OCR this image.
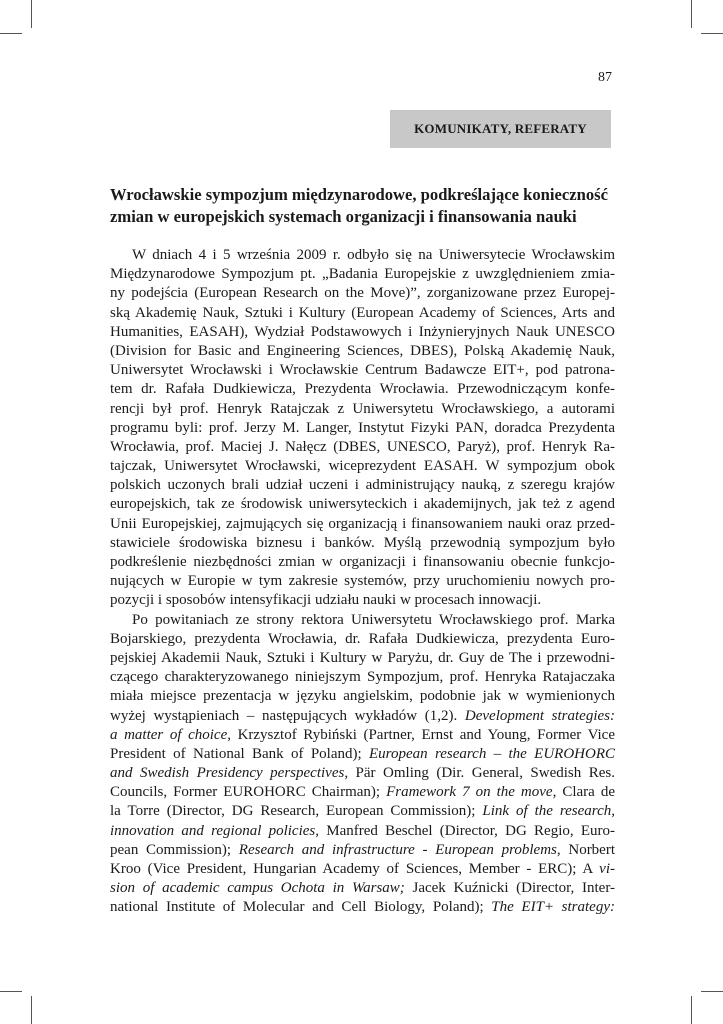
87
KOMUNIKATY, REFERATY
Wrocławskie sympozjum międzynarodowe, podkreślające konieczność
zmian w europejskich systemach organizacji i finansowania nauki
W dniach 4 i 5 września 2009 r. odbyło się na Uniwersytecie Wrocławskim
Międzynarodowe Sympozjum pt. „Badania Europejskie z uwzględnieniem zmia-
ny podejścia (European Research on the Move)”, zorganizowane przez Europej-
ską Akademię Nauk, Sztuki i Kultury (European Academy of Sciences, Arts and
Humanities, EASAH), Wydział Podstawowych i Inżynieryjnych Nauk UNESCO
(Division for Basic and Engineering Sciences, DBES), Polską Akademię Nauk,
Uniwersytet Wrocławski i Wrocławskie Centrum Badawcze EIT+, pod patrona-
tem dr. Rafała Dudkiewicza, Prezydenta Wrocławia. Przewodniczącym konfe-
rencji był prof. Henryk Ratajczak z Uniwersytetu Wrocławskiego, a autorami
programu byli: prof. Jerzy M. Langer, Instytut Fizyki PAN, doradca Prezydenta
Wrocławia, prof. Maciej J. Nałęcz (DBES, UNESCO, Paryż), prof. Henryk Ra-
tajczak, Uniwersytet Wrocławski, wiceprezydent EASAH. W sympozjum obok
polskich uczonych brali udział uczeni i administrujący nauką, z szeregu krajów
europejskich, tak ze środowisk uniwersyteckich i akademijnych, jak też z agend
Unii Europejskiej, zajmujących się organizacją i finansowaniem nauki oraz przed-
stawiciele środowiska biznesu i banków. Myślą przewodnią sympozjum było
podkreślenie niezbędności zmian w organizacji i finansowaniu obecnie funkcjo-
nujących w Europie w tym zakresie systemów, przy uruchomieniu nowych pro-
pozycji i sposobów intensyfikacji udziału nauki w procesach innowacji.
Po powitaniach ze strony rektora Uniwersytetu Wrocławskiego prof. Marka
Bojarskiego, prezydenta Wrocławia, dr. Rafała Dudkiewicza, prezydenta Euro-
pejskiej Akademii Nauk, Sztuki i Kultury w Paryżu, dr. Guy de The i przewodni-
czącego charakteryzowanego niniejszym Sympozjum, prof. Henryka Ratajaczaka
miała miejsce prezentacja w języku angielskim, podobnie jak w wymienionych
wyżej wystąpieniach – następujących wykładów (1,2). Development strategies:
a matter of choice, Krzysztof Rybiński (Partner, Ernst and Young, Former Vice
President of National Bank of Poland); European research – the EUROHORC
and Swedish Presidency perspectives, Pär Omling (Dir. General, Swedish Res.
Councils, Former EUROHORC Chairman); Framework 7 on the move, Clara de
la Torre (Director, DG Research, European Commission); Link of the research,
innovation and regional policies, Manfred Beschel (Director, DG Regio, Euro-
pean Commission); Research and infrastructure - European problems, Norbert
Kroo (Vice President, Hungarian Academy of Sciences, Member - ERC); A vi-
sion of academic campus Ochota in Warsaw; Jacek Kuźnicki (Director, Inter-
national Institute of Molecular and Cell Biology, Poland); The EIT+ strategy:
